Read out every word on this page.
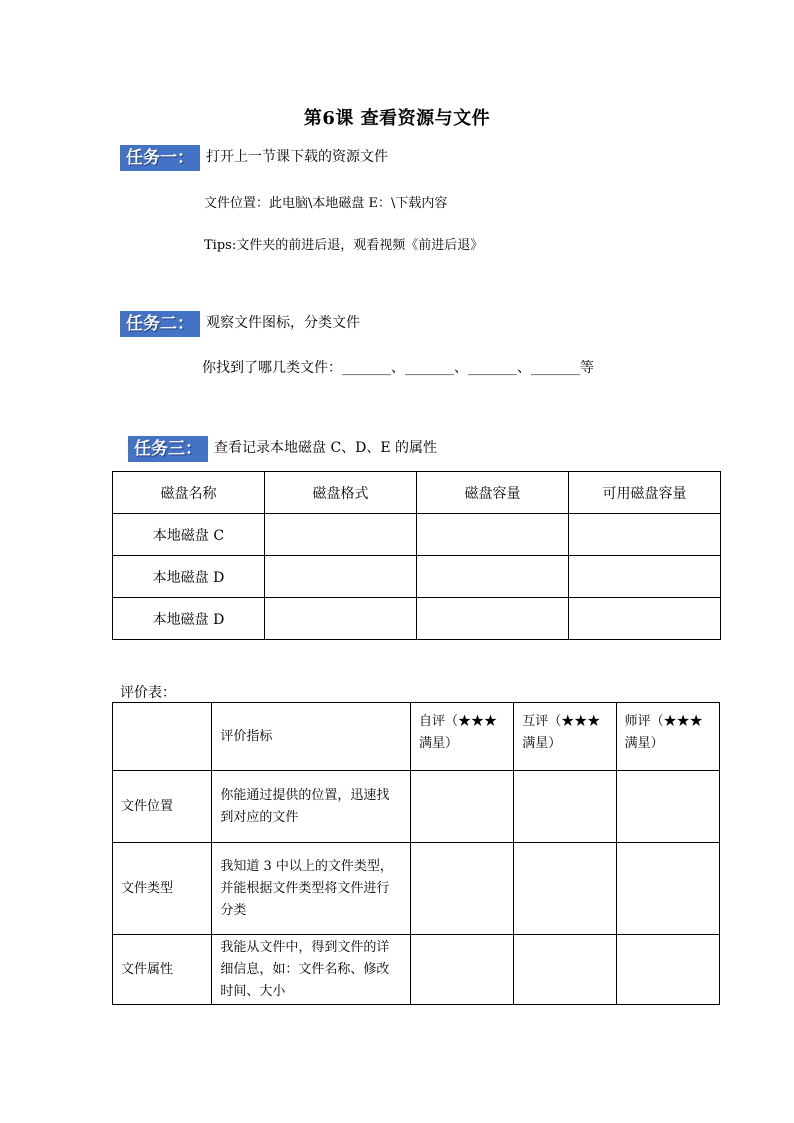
第6课 查看资源与文件
任务一： 打开上一节课下载的资源文件
文件位置：此电脑\本地磁盘 E：\下载内容
Tips:文件夹的前进后退，观看视频《前进后退》
任务二： 观察文件图标，分类文件
你找到了哪几类文件：_______、_______、_______、_______等
任务三： 查看记录本地磁盘 C、D、E 的属性
磁盘名称	磁盘格式	磁盘容量	可用磁盘容量
本地磁盘 C			
本地磁盘 D			
本地磁盘 D			
评价表：
	评价指标	自评（★★★满星）	互评（★★★满星）	师评（★★★满星）
文件位置	你能通过提供的位置，迅速找到对应的文件			
文件类型	我知道 3 中以上的文件类型，并能根据文件类型将文件进行分类			
文件属性	我能从文件中，得到文件的详细信息，如：文件名称、修改时间、大小			
